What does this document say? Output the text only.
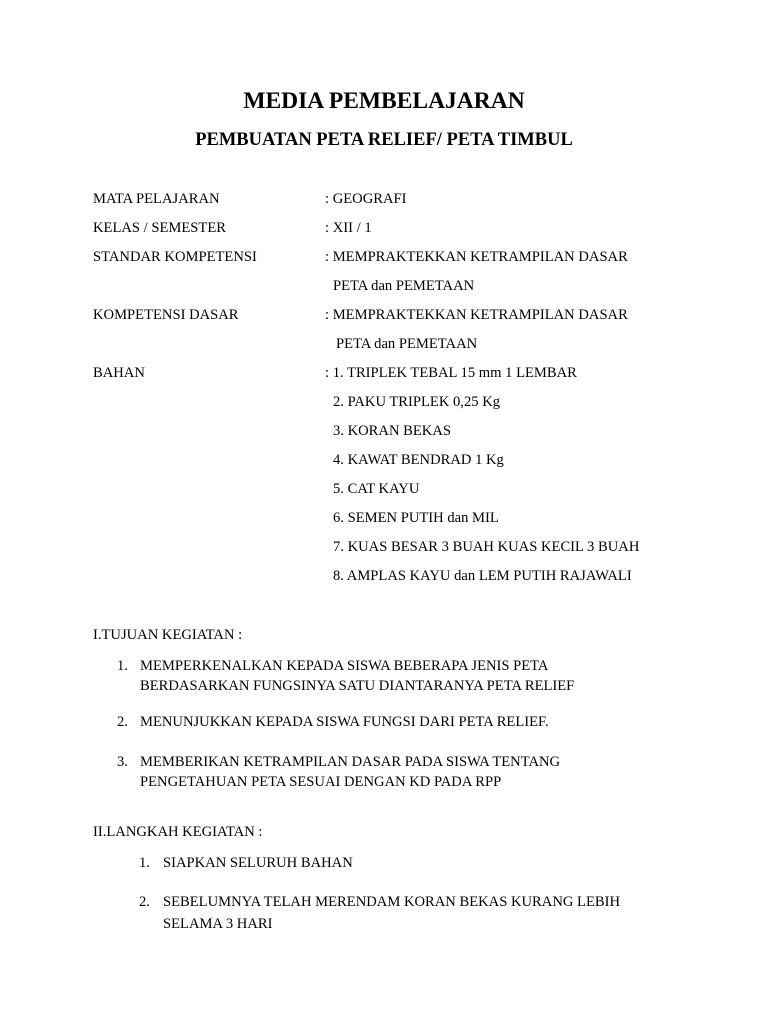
MEDIA PEMBELAJARAN
PEMBUATAN PETA RELIEF/ PETA TIMBUL
MATA PELAJARAN	: GEOGRAFI
KELAS / SEMESTER	: XII / 1
STANDAR KOMPETENSI	: MEMPRAKTEKKAN KETRAMPILAN DASAR
PETA dan PEMETAAN
KOMPETENSI DASAR	: MEMPRAKTEKKAN KETRAMPILAN DASAR
PETA dan PEMETAAN
BAHAN	: 1. TRIPLEK TEBAL 15 mm 1 LEMBAR
2. PAKU TRIPLEK 0,25 Kg
3. KORAN BEKAS
4. KAWAT BENDRAD 1 Kg
5. CAT KAYU
6. SEMEN PUTIH dan MIL
7. KUAS BESAR 3 BUAH KUAS KECIL 3 BUAH
8. AMPLAS KAYU dan LEM PUTIH RAJAWALI
I.TUJUAN KEGIATAN :
1. MEMPERKENALKAN KEPADA SISWA BEBERAPA JENIS PETA
BERDASARKAN FUNGSINYA SATU DIANTARANYA PETA RELIEF
2. MENUNJUKKAN KEPADA SISWA FUNGSI DARI PETA RELIEF.
3. MEMBERIKAN KETRAMPILAN DASAR PADA SISWA TENTANG
PENGETAHUAN PETA SESUAI DENGAN KD PADA RPP
II.LANGKAH KEGIATAN :
1. SIAPKAN SELURUH BAHAN
2. SEBELUMNYA TELAH MERENDAM KORAN BEKAS KURANG LEBIH
SELAMA 3 HARI
